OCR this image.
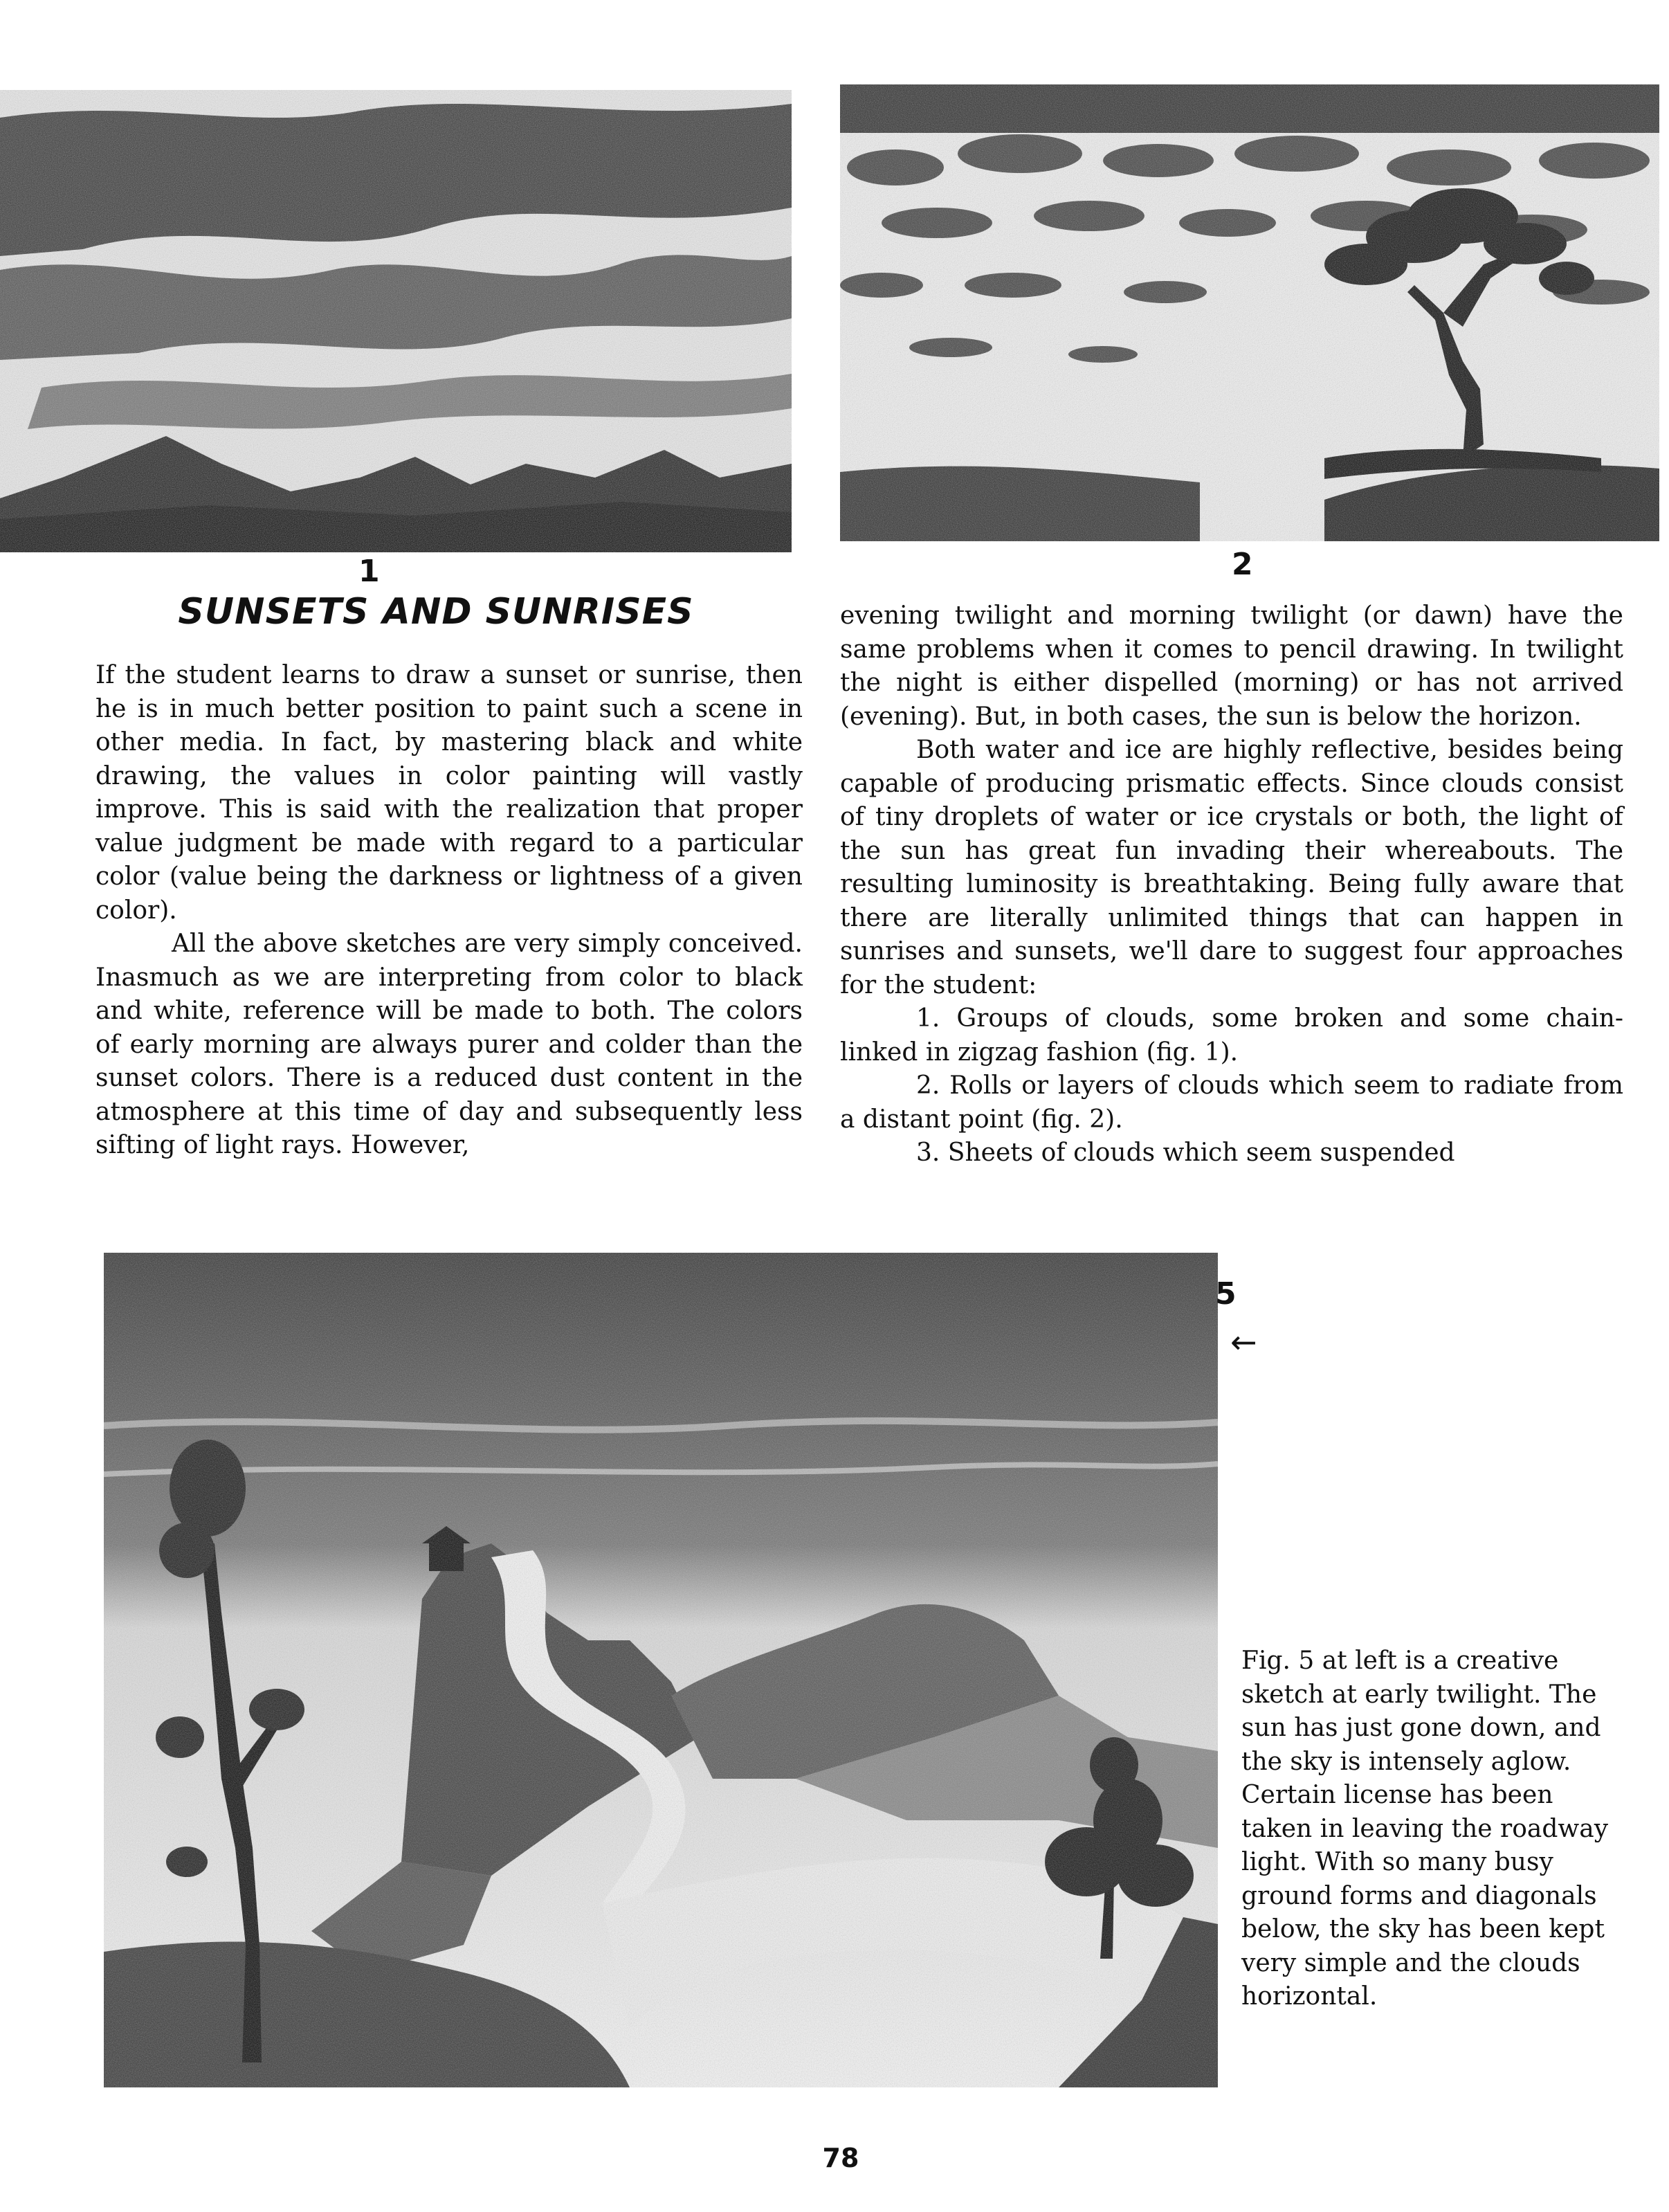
1	2

SUNSETS AND SUNRISES

If the student learns to draw a sunset or sunrise, then he is in much better position to paint such a scene in other media. In fact, by mastering black and white drawing, the values in color painting will vastly improve. This is said with the realization that proper value judgment be made with regard to a particular color (value being the darkness or lightness of a given color).

All the above sketches are very simply conceived. Inasmuch as we are interpreting from color to black and white, reference will be made to both. The colors of early morning are always purer and colder than the sunset colors. There is a reduced dust content in the atmosphere at this time of day and subsequently less sifting of light rays. However,

evening twilight and morning twilight (or dawn) have the same problems when it comes to pencil drawing. In twilight the night is either dispelled (morning) or has not arrived (evening). But, in both cases, the sun is below the horizon.

Both water and ice are highly reflective, besides being capable of producing prismatic effects. Since clouds consist of tiny droplets of water or ice crystals or both, the light of the sun has great fun invading their whereabouts. The resulting luminosity is breathtaking. Being fully aware that there are literally unlimited things that can happen in sunrises and sunsets, we'll dare to suggest four approaches for the student:

1. Groups of clouds, some broken and some chain-linked in zigzag fashion (fig. 1).

2. Rolls or layers of clouds which seem to radiate from a distant point (fig. 2).

3. Sheets of clouds which seem suspended

5

←

Fig. 5 at left is a creative sketch at early twilight. The sun has just gone down, and the sky is intensely aglow. Certain license has been taken in leaving the roadway light. With so many busy ground forms and diagonals below, the sky has been kept very simple and the clouds horizontal.

78
